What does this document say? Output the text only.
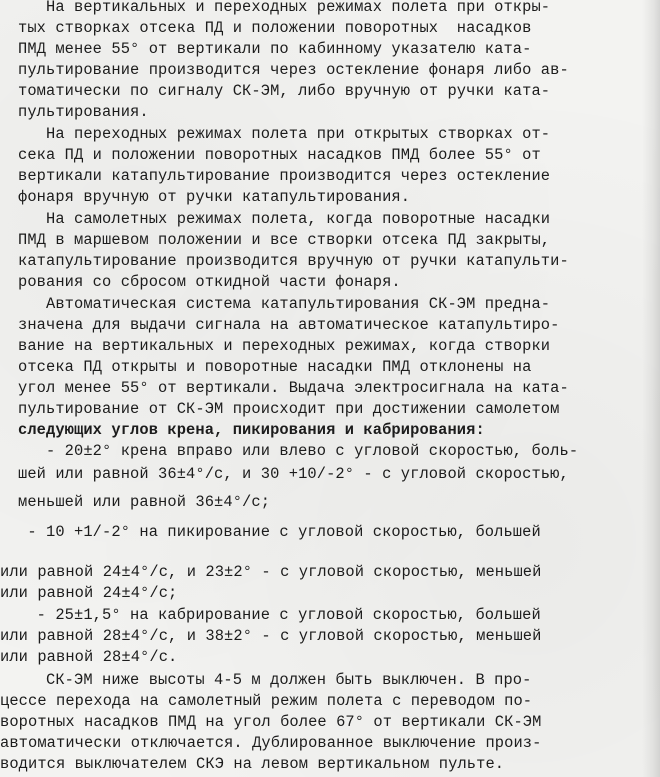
На вертикальных и переходных режимах полета при откры-
тых створках отсека ПД и положении поворотных  насадков
ПМД менее 55° от вертикали по кабинному указателю ката-
пультирование производится через остекление фонаря либо ав-
томатически по сигналу СК-ЭМ, либо вручную от ручки ката-
пультирования.
На переходных режимах полета при открытых створках от-
сека ПД и положении поворотных насадков ПМД более 55° от
вертикали катапультирование производится через остекление
фонаря вручную от ручки катапультирования.
На самолетных режимах полета, когда поворотные насадки
ПМД в маршевом положении и все створки отсека ПД закрыты,
катапультирование производится вручную от ручки катапульти-
рования со сбросом откидной части фонаря.
Автоматическая система катапультирования СК-ЭМ предна-
значена для выдачи сигнала на автоматическое катапультиро-
вание на вертикальных и переходных режимах, когда створки
отсека ПД открыты и поворотные насадки ПМД отклонены на
угол менее 55° от вертикали. Выдача электросигнала на ката-
пультирование от СК-ЭМ происходит при достижении самолетом
следующих углов крена, пикирования и кабрирования:
- 20±2° крена вправо или влево с угловой скоростью, боль-
шей или равной 36±4°/с, и 30 +10/-2° - с угловой скоростью,
меньшей или равной 36±4°/с;
- 10 +1/-2° на пикирование с угловой скоростью, большей
или равной 24±4°/с, и 23±2° - с угловой скоростью, меньшей
или равной 24±4°/с;
- 25±1,5° на кабрирование с угловой скоростью, большей
или равной 28±4°/с, и 38±2° - с угловой скоростью, меньшей
или равной 28±4°/с.
СК-ЭМ ниже высоты 4-5 м должен быть выключен. В про-
цессе перехода на самолетный режим полета с переводом по-
воротных насадков ПМД на угол более 67° от вертикали СК-ЭМ
автоматически отключается. Дублированное выключение произ-
водится выключателем СКЭ на левом вертикальном пульте.
